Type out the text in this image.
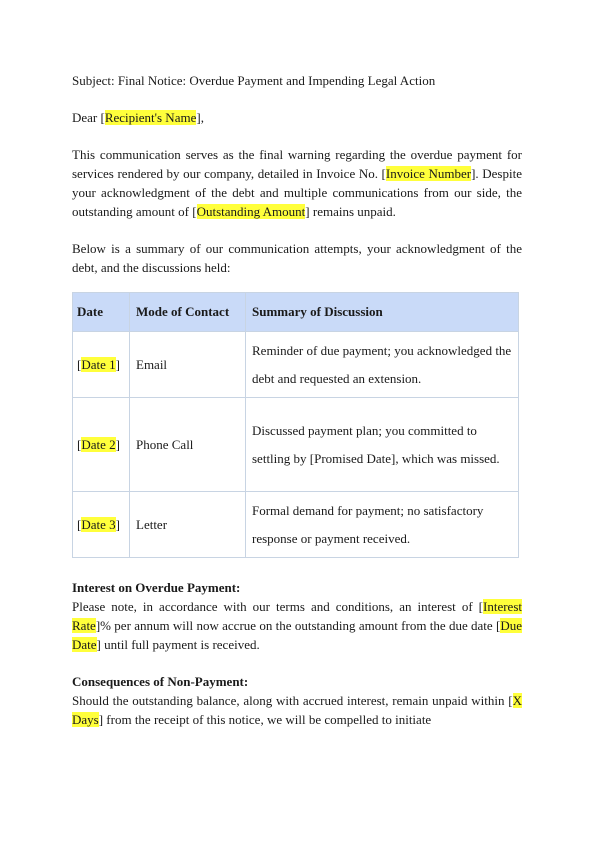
Subject: Final Notice: Overdue Payment and Impending Legal Action

Dear [Recipient's Name],

This communication serves as the final warning regarding the overdue payment for services rendered by our company, detailed in Invoice No. [Invoice Number]. Despite your acknowledgment of the debt and multiple communications from our side, the outstanding amount of [Outstanding Amount] remains unpaid.

Below is a summary of our communication attempts, your acknowledgment of the debt, and the discussions held:

Date	Mode of Contact	Summary of Discussion
[Date 1]	Email	Reminder of due payment; you acknowledged the debt and requested an extension.
[Date 2]	Phone Call	Discussed payment plan; you committed to settling by [Promised Date], which was missed.
[Date 3]	Letter	Formal demand for payment; no satisfactory response or payment received.

Interest on Overdue Payment:

Please note, in accordance with our terms and conditions, an interest of [Interest Rate]% per annum will now accrue on the outstanding amount from the due date [Due Date] until full payment is received.

Consequences of Non-Payment:

Should the outstanding balance, along with accrued interest, remain unpaid within [X Days] from the receipt of this notice, we will be compelled to initiate
